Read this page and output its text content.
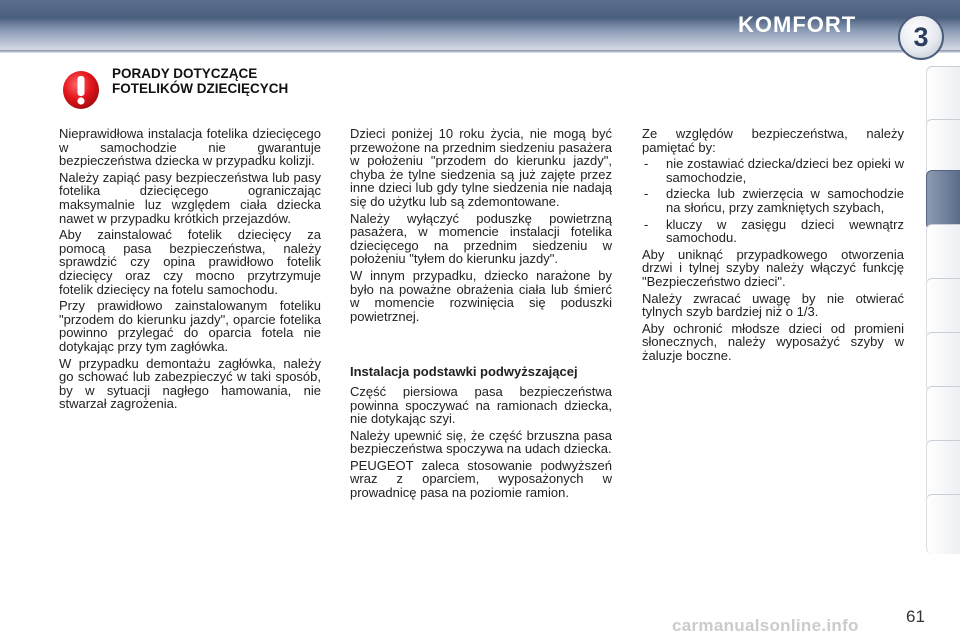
KOMFORT	3
PORADY DOTYCZĄCE
FOTELIKÓW DZIECIĘCYCH

Nieprawidłowa instalacja fotelika dziecięcego w samochodzie nie gwarantuje bezpieczeństwa dziecka w przypadku kolizji.

Należy zapiąć pasy bezpieczeństwa lub pasy fotelika dziecięcego ograniczając maksymalnie luz względem ciała dziecka nawet w przypadku krótkich przejazdów.

Aby zainstalować fotelik dziecięcy za pomocą pasa bezpieczeństwa, należy sprawdzić czy opina prawidłowo fotelik dziecięcy oraz czy mocno przytrzymuje fotelik dziecięcy na fotelu samochodu.

Przy prawidłowo zainstalowanym foteliku "przodem do kierunku jazdy", oparcie fotelika powinno przylegać do oparcia fotela nie dotykając przy tym zagłówka.

W przypadku demontażu zagłówka, należy go schować lub zabezpieczyć w taki sposób, by w sytuacji nagłego hamowania, nie stwarzał zagrożenia.

Dzieci poniżej 10 roku życia, nie mogą być przewożone na przednim siedzeniu pasażera w położeniu "przodem do kierunku jazdy", chyba że tylne siedzenia są już zajęte przez inne dzieci lub gdy tylne siedzenia nie nadają się do użytku lub są zdemontowane.

Należy wyłączyć poduszkę powietrzną pasażera, w momencie instalacji fotelika dziecięcego na przednim siedzeniu w położeniu "tyłem do kierunku jazdy".

W innym przypadku, dziecko narażone by było na poważne obrażenia ciała lub śmierć w momencie rozwinięcia się poduszki powietrznej.

Instalacja podstawki podwyższającej

Część piersiowa pasa bezpieczeństwa powinna spoczywać na ramionach dziecka, nie dotykając szyi.

Należy upewnić się, że część brzuszna pasa bezpieczeństwa spoczywa na udach dziecka.

PEUGEOT zaleca stosowanie podwyższeń wraz z oparciem, wyposażonych w prowadnicę pasa na poziomie ramion.

Ze względów bezpieczeństwa, należy pamiętać by:

- nie zostawiać dziecka/dzieci bez opieki w samochodzie,
- dziecka lub zwierzęcia w samochodzie na słońcu, przy zamkniętych szybach,
- kluczy w zasięgu dzieci wewnątrz samochodu.

Aby uniknąć przypadkowego otworzenia drzwi i tylnej szyby należy włączyć funkcję "Bezpieczeństwo dzieci".

Należy zwracać uwagę by nie otwierać tylnych szyb bardziej niż o 1/3.

Aby ochronić młodsze dzieci od promieni słonecznych, należy wyposażyć szyby w żaluzje boczne.

carmanualsonline.info	61
